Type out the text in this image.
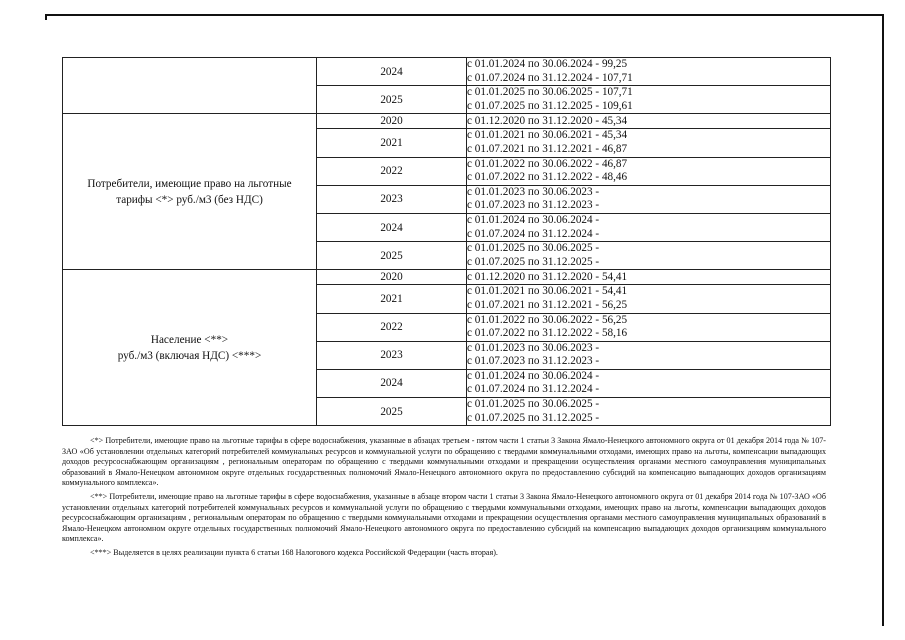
	2024	с 01.01.2024 по 30.06.2024 - 99,25
с 01.07.2024 по 31.12.2024 - 107,71
	2025	с 01.01.2025 по 30.06.2025 - 107,71
с 01.07.2025 по 31.12.2025 - 109,61
Потребители, имеющие право на льготные
тарифы <*> руб./м3 (без НДС)	2020	с 01.12.2020 по 31.12.2020 - 45,34
	2021	с 01.01.2021 по 30.06.2021 - 45,34
с 01.07.2021 по 31.12.2021 - 46,87
	2022	с 01.01.2022 по 30.06.2022 - 46,87
с 01.07.2022 по 31.12.2022 - 48,46
	2023	с 01.01.2023 по 30.06.2023 -
с 01.07.2023 по 31.12.2023 -
	2024	с 01.01.2024 по 30.06.2024 -
с 01.07.2024 по 31.12.2024 -
	2025	с 01.01.2025 по 30.06.2025 -
с 01.07.2025 по 31.12.2025 -
Население <**>
руб./м3 (включая НДС) <***>	2020	с 01.12.2020 по 31.12.2020 - 54,41
	2021	с 01.01.2021 по 30.06.2021 - 54,41
с 01.07.2021 по 31.12.2021 - 56,25
	2022	с 01.01.2022 по 30.06.2022 - 56,25
с 01.07.2022 по 31.12.2022 - 58,16
	2023	с 01.01.2023 по 30.06.2023 -
с 01.07.2023 по 31.12.2023 -
	2024	с 01.01.2024 по 30.06.2024 -
с 01.07.2024 по 31.12.2024 -
	2025	с 01.01.2025 по 30.06.2025 -
с 01.07.2025 по 31.12.2025 -

<*> Потребители, имеющие право на льготные тарифы в сфере водоснабжения, указанные в абзацах третьем - пятом части 1 статьи 3 Закона Ямало-Ненецкого автономного округа от 01 декабря 2014 года № 107-ЗАО «Об установлении отдельных категорий потребителей коммунальных ресурсов и коммунальной услуги по обращению с твердыми коммунальными отходами, имеющих право на льготы, компенсации выпадающих доходов ресурсоснабжающим организациям , региональным операторам по обращению с твердыми коммунальными отходами и прекращении осуществления органами местного самоуправления муниципальных образований в Ямало-Ненецком автономном округе отдельных государственных полномочий Ямало-Ненецкого автономного округа по предоставлению субсидий на компенсацию выпадающих доходов организациям коммунального комплекса».

<**> Потребители, имеющие право на льготные тарифы в сфере водоснабжения, указанные в абзаце втором части 1 статьи 3 Закона Ямало-Ненецкого автономного округа от 01 декабря 2014 года № 107-ЗАО «Об установлении отдельных категорий потребителей коммунальных ресурсов и коммунальной услуги по обращению с твердыми коммунальными отходами, имеющих право на льготы, компенсации выпадающих доходов ресурсоснабжающим организациям , региональным операторам по обращению с твердыми коммунальными отходами и прекращении осуществления органами местного самоуправления муниципальных образований в Ямало-Ненецком автономном округе отдельных государственных полномочий Ямало-Ненецкого автономного округа по предоставлению субсидий на компенсацию выпадающих доходов организациям коммунального комплекса».

<***> Выделяется в целях реализации пункта 6 статьи 168 Налогового кодекса Российской Федерации (часть вторая).
